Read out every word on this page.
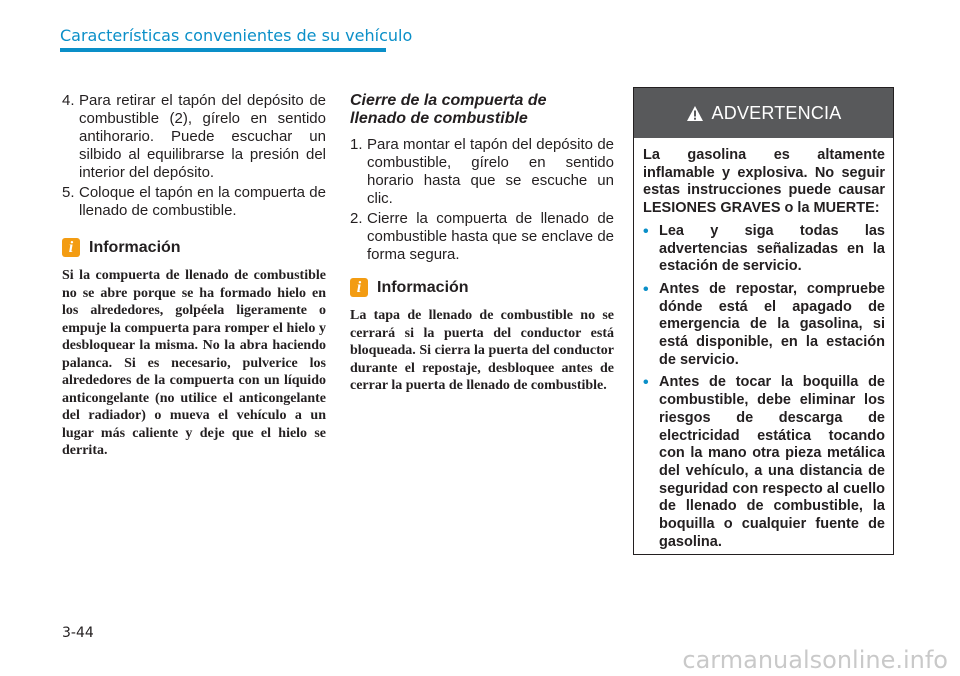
Características convenientes de su vehículo
4. Para retirar el tapón del depósito de combustible (2), gírelo en sentido antihorario. Puede escuchar un silbido al equilibrarse la presión del interior del depósito.
5. Coloque el tapón en la compuerta de llenado de combustible.
i Información

Si la compuerta de llenado de combustible no se abre porque se ha formado hielo en los alrededores, golpéela ligeramente o empuje la compuerta para romper el hielo y desbloquear la misma. No la abra haciendo palanca. Si es necesario, pulverice los alrededores de la compuerta con un líquido anticongelante (no utilice el anticongelante del radiador) o mueva el vehículo a un lugar más caliente y deje que el hielo se derrita.

Cierre de la compuerta de llenado de combustible
1. Para montar el tapón del depósito de combustible, gírelo en sentido horario hasta que se escuche un clic.
2. Cierre la compuerta de llenado de combustible hasta que se enclave de forma segura.
i Información

La tapa de llenado de combustible no se cerrará si la puerta del conductor está bloqueada. Si cierra la puerta del conductor durante el repostaje, desbloquee antes de cerrar la puerta de llenado de combustible.

ADVERTENCIA

La gasolina es altamente inflamable y explosiva. No seguir estas instrucciones puede causar LESIONES GRAVES o la MUERTE:

• Lea y siga todas las advertencias señalizadas en la estación de servicio.
• Antes de repostar, compruebe dónde está el apagado de emergencia de la gasolina, si está disponible, en la estación de servicio.
• Antes de tocar la boquilla de combustible, debe eliminar los riesgos de descarga de electricidad estática tocando con la mano otra pieza metálica del vehículo, a una distancia de seguridad con respecto al cuello de llenado de combustible, la boquilla o cualquier fuente de gasolina.
3-44
carmanualsonline.info
